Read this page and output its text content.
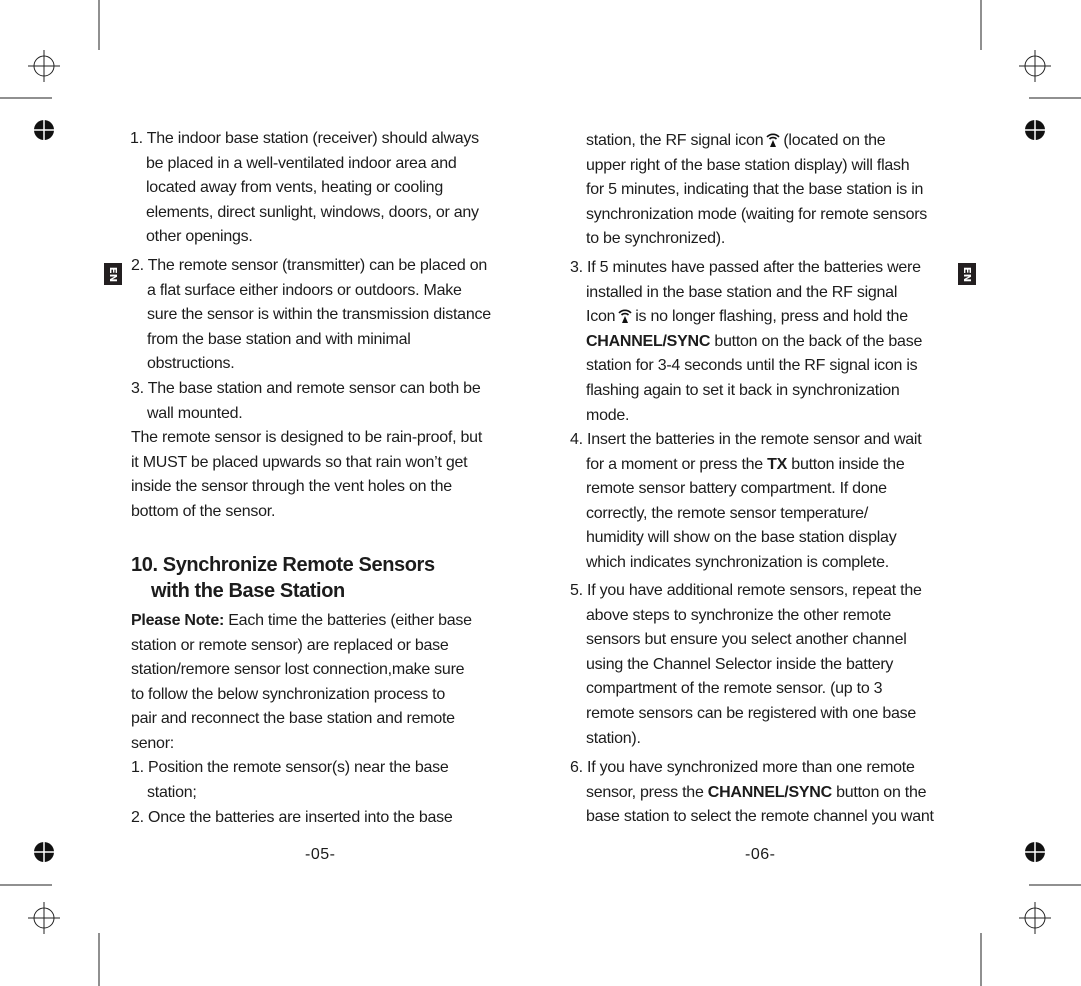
EN	EN
1. The indoor base station (receiver) should always
be placed in a well-ventilated indoor area and
located away from vents, heating or cooling
elements, direct sunlight, windows, doors, or any
other openings.
2. The remote sensor (transmitter) can be placed on
a flat surface either indoors or outdoors. Make
sure the sensor is within the transmission distance
from the base station and with minimal
obstructions.
3. The base station and remote sensor can both be
wall mounted.
The remote sensor is designed to be rain-proof, but
it MUST be placed upwards so that rain won’t get
inside the sensor through the vent holes on the
bottom of the sensor.
10. Synchronize Remote Sensors
with the Base Station
Please Note: Each time the batteries (either base
station or remote sensor) are replaced or base
station/remore sensor lost connection,make sure
to follow the below synchronization process to
pair and reconnect the base station and remote
senor:
1. Position the remote sensor(s) near the base
station;
2. Once the batteries are inserted into the base
-05-
station, the RF signal icon (located on the
upper right of the base station display) will flash
for 5 minutes, indicating that the base station is in
synchronization mode (waiting for remote sensors
to be synchronized).
3. If 5 minutes have passed after the batteries were
installed in the base station and the RF signal
Icon is no longer flashing, press and hold the
CHANNEL/SYNC button on the back of the base
station for 3-4 seconds until the RF signal icon is
flashing again to set it back in synchronization
mode.
4. Insert the batteries in the remote sensor and wait
for a moment or press the TX button inside the
remote sensor battery compartment. If done
correctly, the remote sensor temperature/
humidity will show on the base station display
which indicates synchronization is complete.
5. If you have additional remote sensors, repeat the
above steps to synchronize the other remote
sensors but ensure you select another channel
using the Channel Selector inside the battery
compartment of the remote sensor. (up to 3
remote sensors can be registered with one base
station).
6. If you have synchronized more than one remote
sensor, press the CHANNEL/SYNC button on the
base station to select the remote channel you want
-06-
